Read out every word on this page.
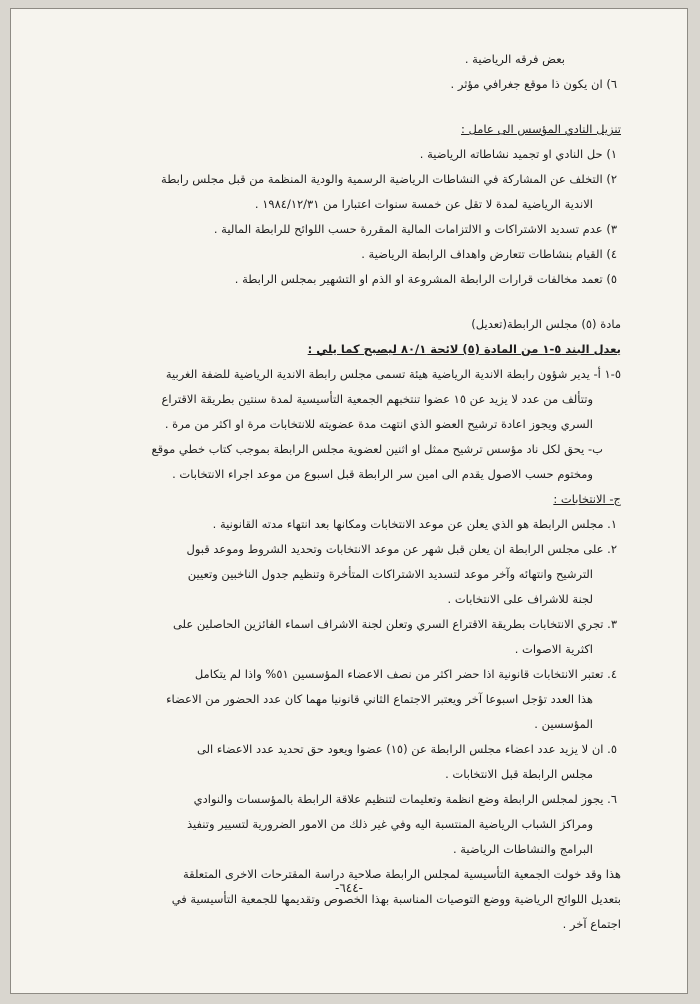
بعض فرقه الرياضية .
٦) ان يكون ذا موقع جغرافي مؤثر .
تنزيل النادي المؤسس الى عامل :
١) حل النادي او تجميد نشاطاته الرياضية .
٢) التخلف عن المشاركة في النشاطات الرياضية الرسمية والودية المنظمة من قبل مجلس رابطة
الاندية الرياضية لمدة لا تقل عن خمسة سنوات اعتبارا من ١٩٨٤/١٢/٣١ .
٣) عدم تسديد الاشتراكات و الالتزامات المالية المقررة حسب اللوائح للرابطة المالية .
٤) القيام بنشاطات تتعارض واهداف الرابطة الرياضية .
٥) تعمد مخالفات قرارات الرابطة المشروعة او الذم او التشهير بمجلس الرابطة .
مادة (٥) مجلس الرابطة(تعديل)
يعدل البند ٥-١ من المادة (٥) لائحة ٨٠/١ ليصبح كما يلي :
٥-١ أ- يدير شؤون رابطة الاندية الرياضية هيئة تسمى مجلس رابطة الاندية الرياضية للضفة الغربية
وتتألف من عدد لا يزيد عن ١٥ عضوا تنتخبهم الجمعية التأسيسية لمدة سنتين بطريقة الاقتراع
السري ويجوز اعادة ترشيح العضو الذي انتهت مدة عضويته للانتخابات مرة او اكثر من مرة .
ب- يحق لكل ناد مؤسس ترشيح ممثل او اثنين لعضوية مجلس الرابطة بموجب كتاب خطي موقع
ومختوم حسب الاصول يقدم الى امين سر الرابطة قبل اسبوع من موعد اجراء الانتخابات .
ج- الانتخابات :
١. مجلس الرابطة هو الذي يعلن عن موعد الانتخابات ومكانها بعد انتهاء مدته القانونية .
٢. على مجلس الرابطة ان يعلن قبل شهر عن موعد الانتخابات وتحديد الشروط وموعد قبول
الترشيح وانتهائه وآخر موعد لتسديد الاشتراكات المتأخرة وتنظيم جدول الناخبين وتعيين
لجنة للاشراف على الانتخابات .
٣. تجري الانتخابات بطريقة الاقتراع السري وتعلن لجنة الاشراف اسماء الفائزين الحاصلين على
اكثرية الاصوات .
٤. تعتبر الانتخابات قانونية اذا حضر اكثر من نصف الاعضاء المؤسسين ٥١% واذا لم يتكامل
هذا العدد تؤجل اسبوعا آخر ويعتبر الاجتماع الثاني قانونيا مهما كان عدد الحضور من الاعضاء
المؤسسين .
٥. ان لا يزيد عدد اعضاء مجلس الرابطة عن (١٥) عضوا ويعود حق تحديد عدد الاعضاء الى
مجلس الرابطة قبل الانتخابات .
٦. يجوز لمجلس الرابطة وضع انظمة وتعليمات لتنظيم علاقة الرابطة بالمؤسسات والنوادي
ومراكز الشباب الرياضية المنتسبة اليه وفي غير ذلك من الامور الضرورية لتسيير وتنفيذ
البرامج والنشاطات الرياضية .
هذا وقد خولت الجمعية التأسيسية لمجلس الرابطة صلاحية دراسة المقترحات الاخرى المتعلقة
بتعديل اللوائح الرياضية ووضع التوصيات المناسبة بهذا الخصوص وتقديمها للجمعية التأسيسية في
اجتماع آخر .
-٦٤٤-
